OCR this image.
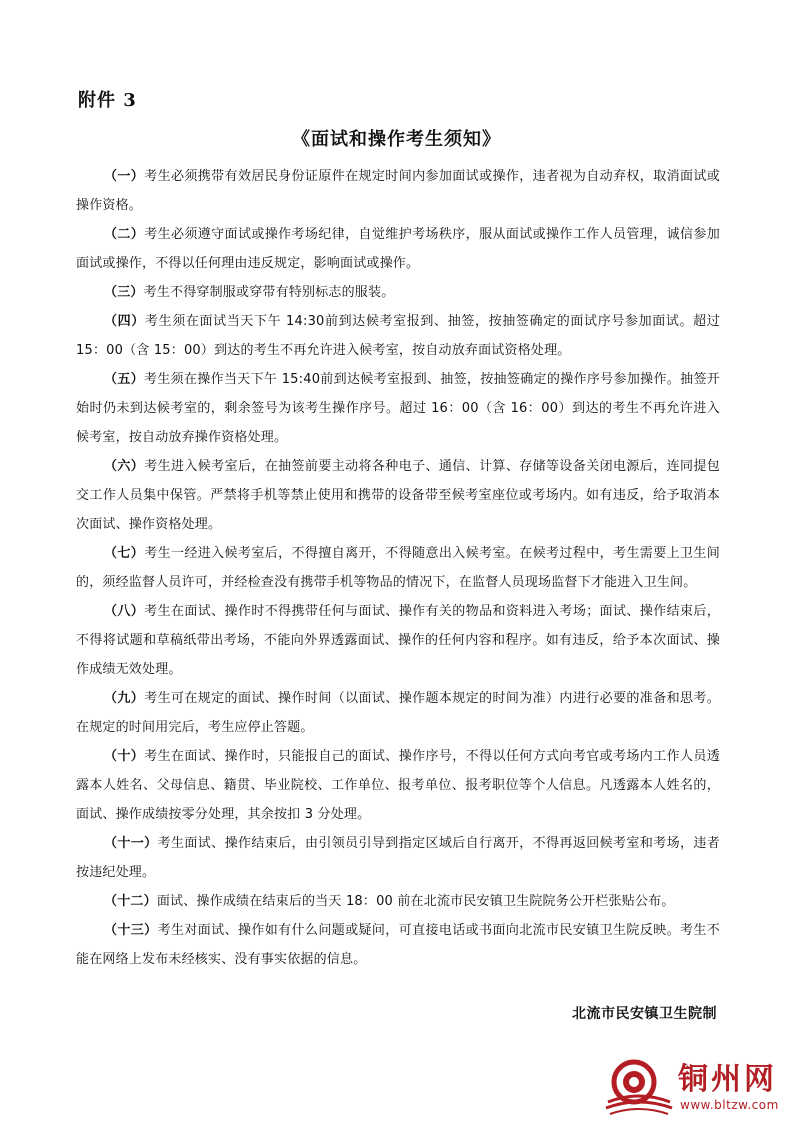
附件 3
《面试和操作考生须知》

（一）考生必须携带有效居民身份证原件在规定时间内参加面试或操作，违者视为自动弃权，取消面试或操作资格。

（二）考生必须遵守面试或操作考场纪律，自觉维护考场秩序，服从面试或操作工作人员管理，诚信参加面试或操作，不得以任何理由违反规定，影响面试或操作。

（三）考生不得穿制服或穿带有特别标志的服装。

（四）考生须在面试当天下午 14:30前到达候考室报到、抽签，按抽签确定的面试序号参加面试。超过 15：00（含 15：00）到达的考生不再允许进入候考室，按自动放弃面试资格处理。

（五）考生须在操作当天下午 15:40前到达候考室报到、抽签，按抽签确定的操作序号参加操作。抽签开始时仍未到达候考室的，剩余签号为该考生操作序号。超过 16：00（含 16：00）到达的考生不再允许进入候考室，按自动放弃操作资格处理。

（六）考生进入候考室后，在抽签前要主动将各种电子、通信、计算、存储等设备关闭电源后，连同提包交工作人员集中保管。严禁将手机等禁止使用和携带的设备带至候考室座位或考场内。如有违反，给予取消本次面试、操作资格处理。

（七）考生一经进入候考室后，不得擅自离开，不得随意出入候考室。在候考过程中，考生需要上卫生间的，须经监督人员许可，并经检查没有携带手机等物品的情况下，在监督人员现场监督下才能进入卫生间。

（八）考生在面试、操作时不得携带任何与面试、操作有关的物品和资料进入考场；面试、操作结束后，不得将试题和草稿纸带出考场，不能向外界透露面试、操作的任何内容和程序。如有违反，给予本次面试、操作成绩无效处理。

（九）考生可在规定的面试、操作时间（以面试、操作题本规定的时间为准）内进行必要的准备和思考。在规定的时间用完后，考生应停止答题。

（十）考生在面试、操作时，只能报自己的面试、操作序号，不得以任何方式向考官或考场内工作人员透露本人姓名、父母信息、籍贯、毕业院校、工作单位、报考单位、报考职位等个人信息。凡透露本人姓名的，面试、操作成绩按零分处理，其余按扣 3 分处理。

（十一）考生面试、操作结束后，由引领员引导到指定区域后自行离开，不得再返回候考室和考场，违者按违纪处理。

（十二）面试、操作成绩在结束后的当天 18：00 前在北流市民安镇卫生院院务公开栏张贴公布。

（十三）考生对面试、操作如有什么问题或疑问，可直接电话或书面向北流市民安镇卫生院反映。考生不能在网络上发布未经核实、没有事实依据的信息。

北流市民安镇卫生院制
铜州网
www.bltzw.com
